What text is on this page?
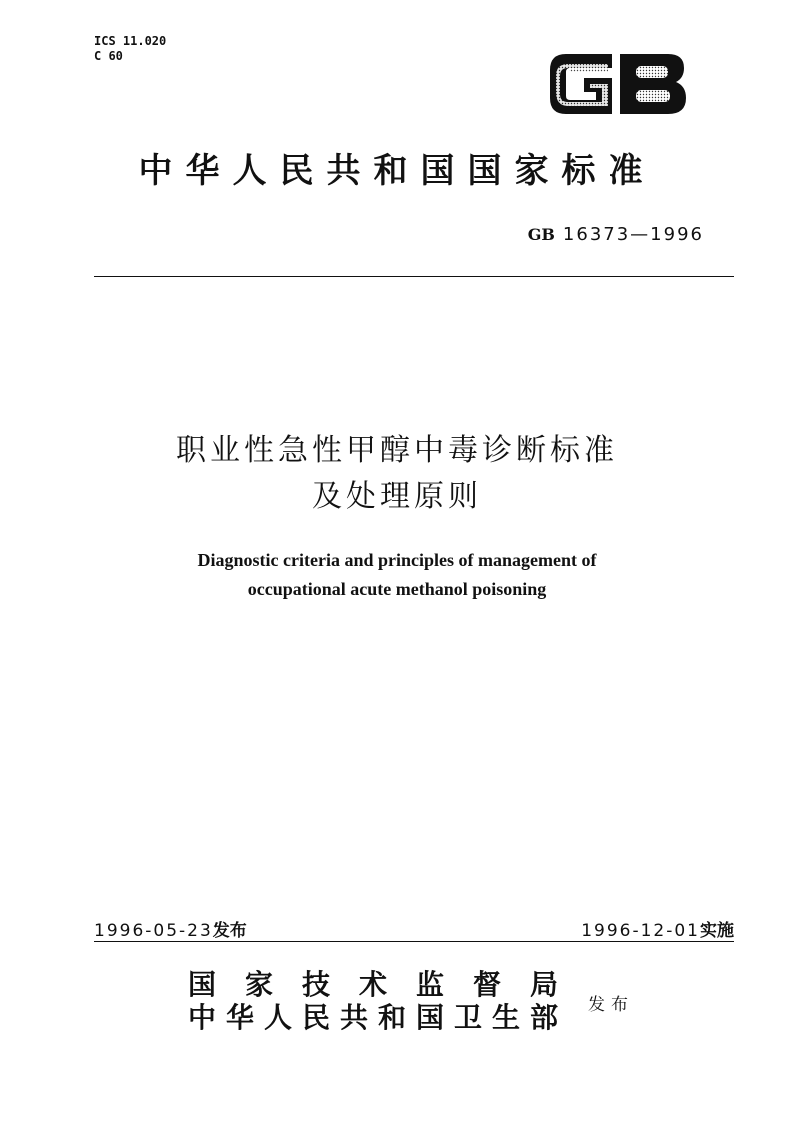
ICS 11.020
C 60
中华人民共和国国家标准
GB 16373—1996
职业性急性甲醇中毒诊断标准
及处理原则
Diagnostic criteria and principles of management of
occupational acute methanol poisoning
1996-05-23发布	1996-12-01实施
国家技术监督局
中华人民共和国卫生部 发布
